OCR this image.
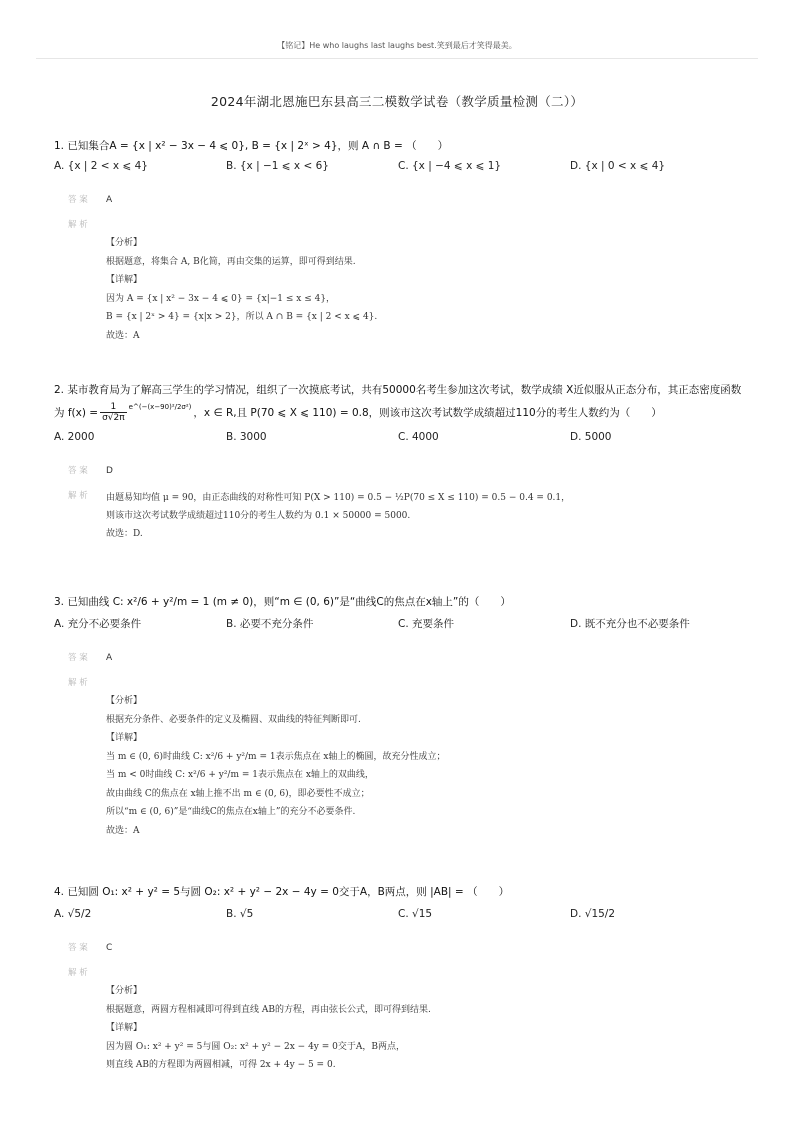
【铭记】He who laughs last laughs best.笑到最后才笑得最美。
2024年湖北恩施巴东县高三二模数学试卷（教学质量检测（二））
1. 已知集合A = {x | x² − 3x − 4 ⩽ 0}, B = {x | 2ˣ > 4}，则 A ∩ B = （　　）
A. {x | 2 < x ⩽ 4}	B. {x | −1 ⩽ x < 6}	C. {x | −4 ⩽ x ⩽ 1}	D. {x | 0 < x ⩽ 4}
答 案	A
解 析
【分析】
根据题意，将集合 A, B化简，再由交集的运算，即可得到结果.
【详解】
因为 A = {x | x² − 3x − 4 ⩽ 0} = {x|−1 ≤ x ≤ 4}，
B = {x | 2ˣ > 4} = {x|x > 2}，所以 A ∩ B = {x | 2 < x ⩽ 4}.
故选：A
2. 某市教育局为了解高三学生的学习情况，组织了一次摸底考试，共有50000名考生参加这次考试，数学成绩 X近似服从正态分布，其正态密度函数
为 $f(x) = \frac{1}{\sigma√2\pi}$ e^(−(x−90)²/2σ²) ，x ∈ R,且 P(70 ⩽ X ⩽ 110) = 0.8，则该市这次考试数学成绩超过110分的考生人数约为（　　）
A. 2000	B. 3000	C. 4000	D. 5000
答 案	D
解 析	由题易知均值 μ = 90，由正态曲线的对称性可知 P(X > 110) = 0.5 − ½P(70 ≤ X ≤ 110) = 0.5 − 0.4 = 0.1，
则该市这次考试数学成绩超过110分的考生人数约为 0.1 × 50000 = 5000.
故选：D.
3. 已知曲线 C: x²/6 + y²/m = 1 (m ≠ 0)，则“m ∈ (0, 6)”是“曲线C的焦点在x轴上”的（　　）
A. 充分不必要条件	B. 必要不充分条件	C. 充要条件	D. 既不充分也不必要条件
答 案	A
解 析
【分析】
根据充分条件、必要条件的定义及椭圆、双曲线的特征判断即可.
【详解】
当 m ∈ (0, 6)时曲线 C: x²/6 + y²/m = 1表示焦点在 x轴上的椭圆，故充分性成立；
当 m < 0时曲线 C: x²/6 + y²/m = 1表示焦点在 x轴上的双曲线，
故由曲线 C的焦点在 x轴上推不出 m ∈ (0, 6)，即必要性不成立；
所以“m ∈ (0, 6)”是“曲线C的焦点在x轴上”的充分不必要条件.
故选：A
4. 已知圆 O₁: x² + y² = 5与圆 O₂: x² + y² − 2x − 4y = 0交于A，B两点，则 |AB| = （　　）
A. √5/2	B. √5	C. √15	D. √15/2
答 案	C
解 析
【分析】
根据题意，两圆方程相减即可得到直线 AB的方程，再由弦长公式，即可得到结果.
【详解】
因为圆 O₁: x² + y² = 5与圆 O₂: x² + y² − 2x − 4y = 0交于A，B两点，
则直线 AB的方程即为两圆相减，可得 2x + 4y − 5 = 0.
